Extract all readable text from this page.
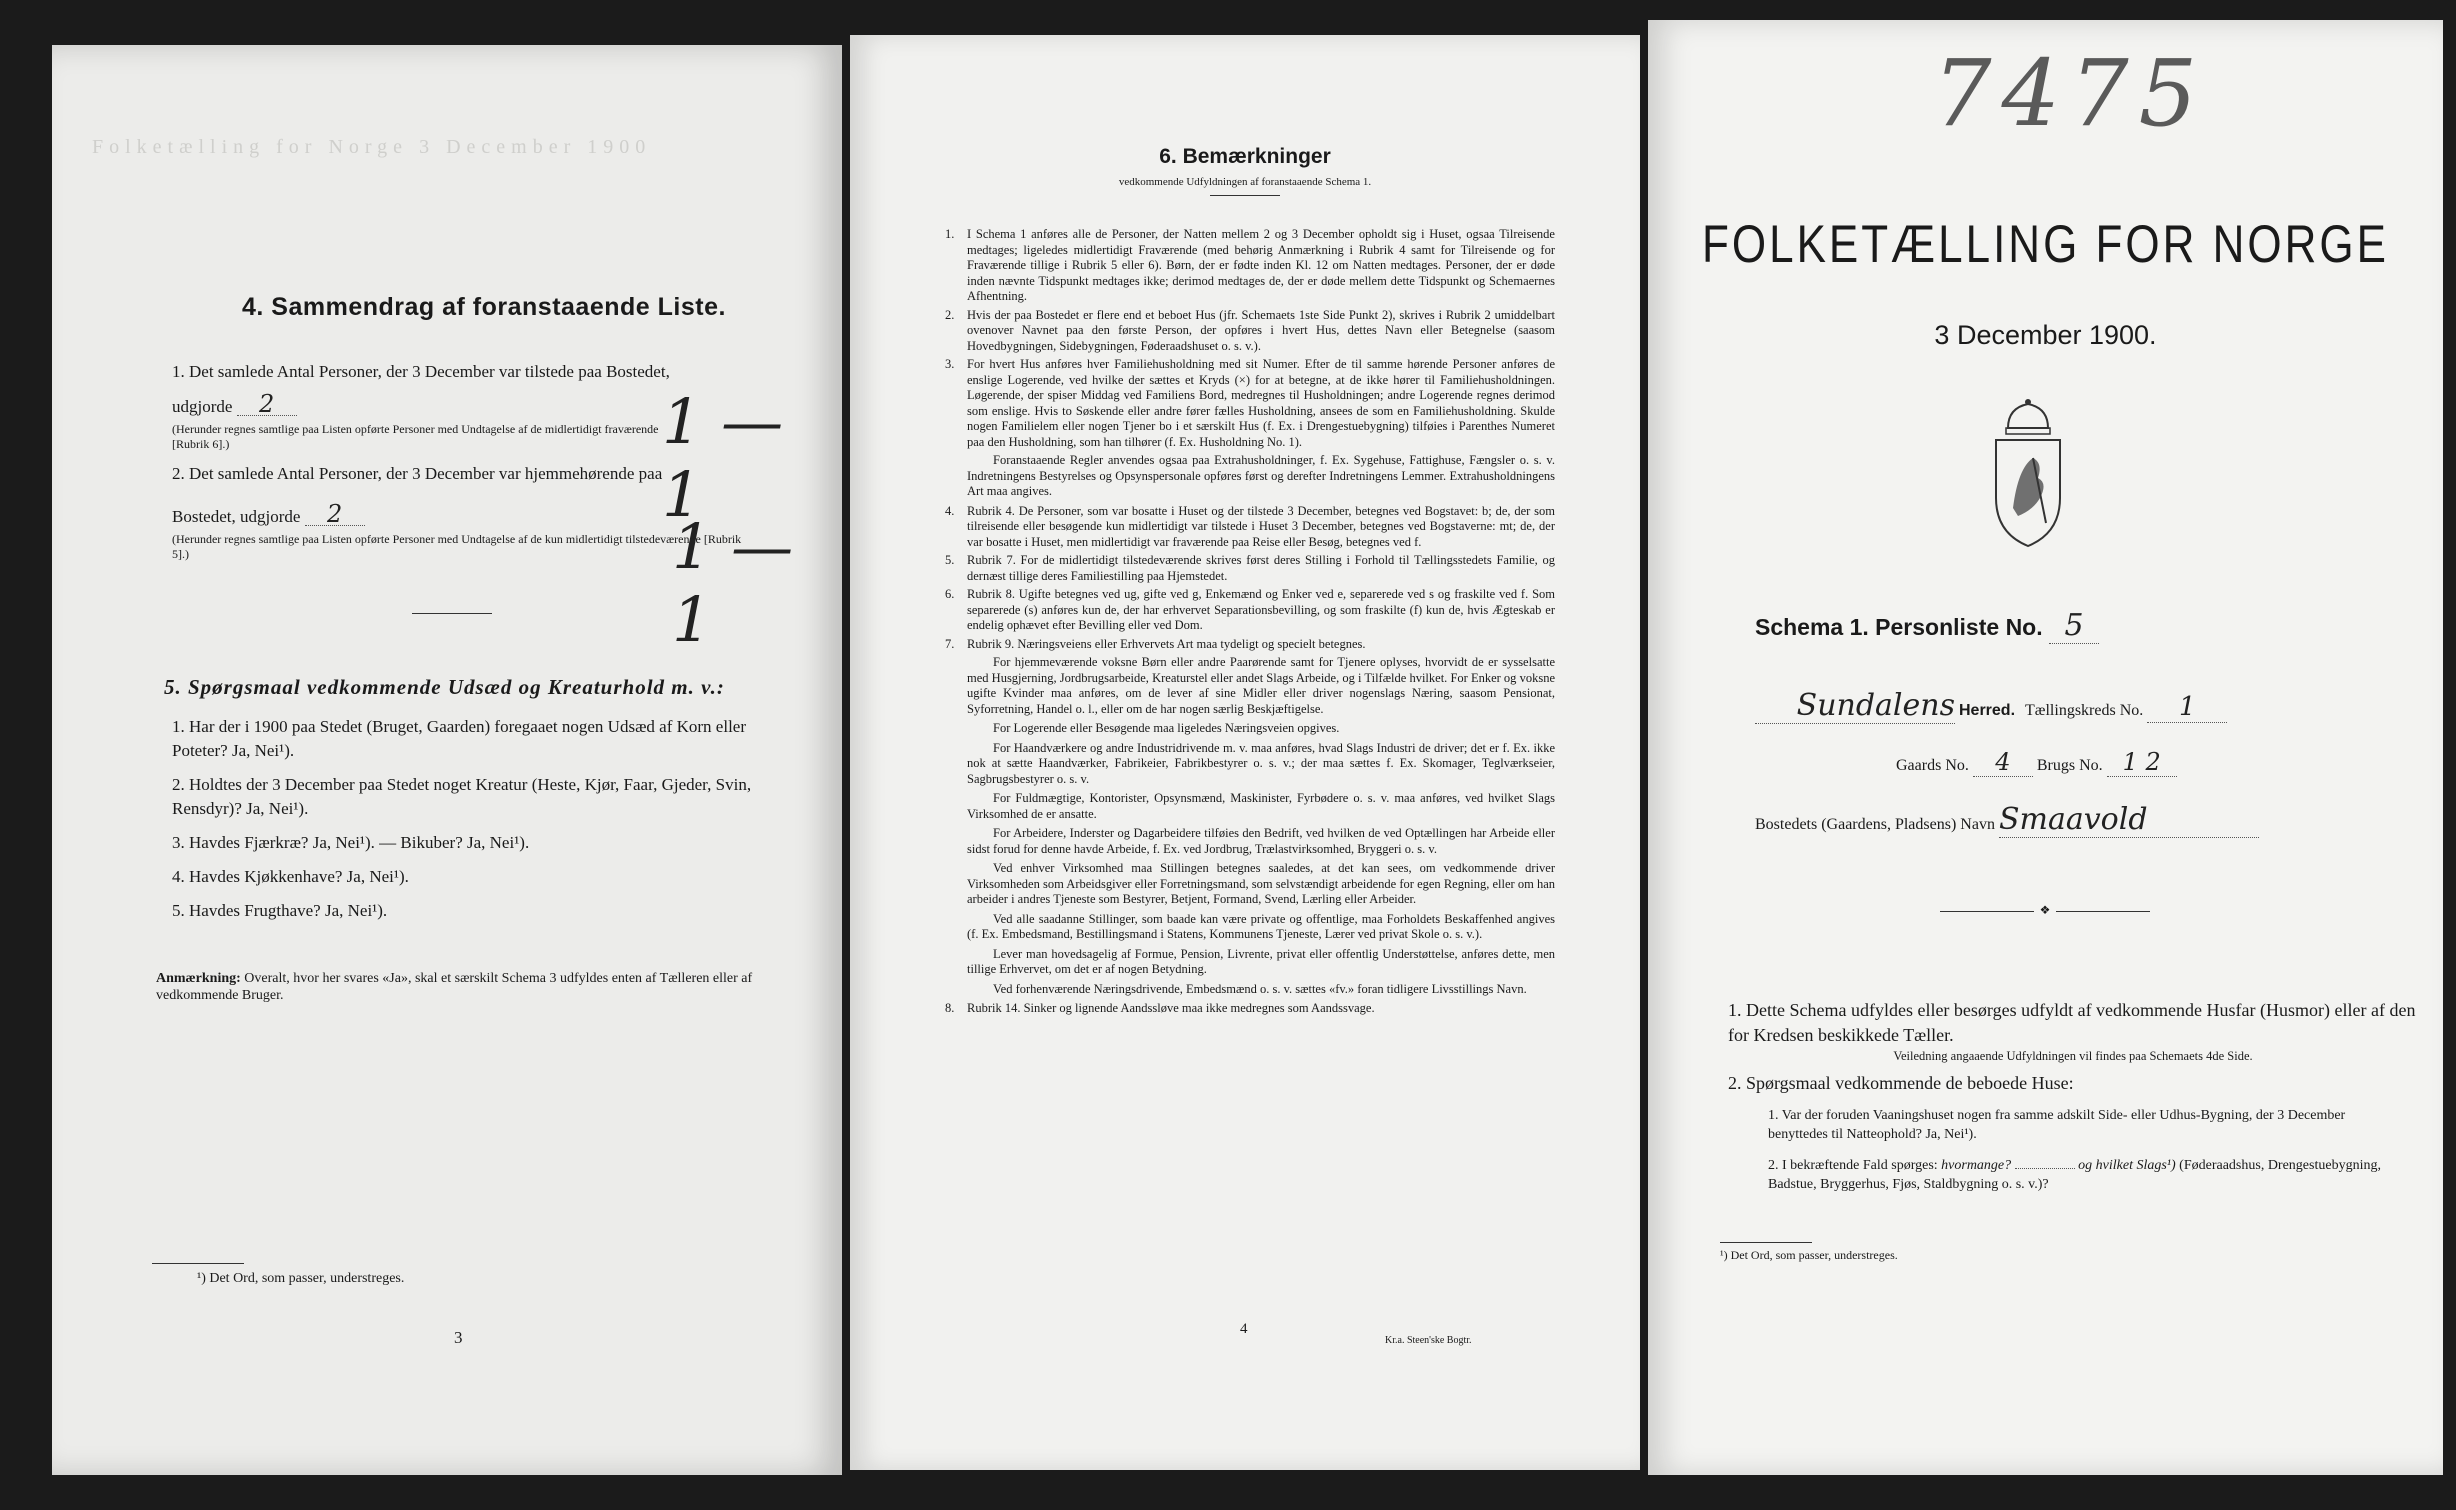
Folketælling for Norge 3 December 1900
4. Sammendrag af foranstaaende Liste.

1. Det samlede Antal Personer, der 3 December var tilstede paa Bostedet,

udgjorde 2

(Herunder regnes samtlige paa Listen opførte Personer med Undtagelse af de midlertidigt fraværende [Rubrik 6].)	1 — 1

2. Det samlede Antal Personer, der 3 December var hjemmehørende paa

Bostedet, udgjorde 2

(Herunder regnes samtlige paa Listen opførte Personer med Undtagelse af de kun midlertidigt tilstedeværende [Rubrik 5].)	1 — 1
5. Spørgsmaal vedkommende Udsæd og Kreaturhold m. v.:

1. Har der i 1900 paa Stedet (Bruget, Gaarden) foregaaet nogen Udsæd af Korn eller Poteter? Ja, Nei¹).

2. Holdtes der 3 December paa Stedet noget Kreatur (Heste, Kjør, Faar, Gjeder, Svin, Rensdyr)? Ja, Nei¹).

3. Havdes Fjærkræ? Ja, Nei¹). — Bikuber? Ja, Nei¹).

4. Havdes Kjøkkenhave? Ja, Nei¹).

5. Havdes Frugthave? Ja, Nei¹).

Anmærkning: Overalt, hvor her svares «Ja», skal et særskilt Schema 3 udfyldes enten af Tælleren eller af vedkommende Bruger.
¹) Det Ord, som passer, understreges.
3
6. Bemærkninger
vedkommende Udfyldningen af foranstaaende Schema 1.
1.	I Schema 1 anføres alle de Personer, der Natten mellem 2 og 3 December opholdt sig i Huset, ogsaa Tilreisende medtages; ligeledes midlertidigt Fraværende (med behørig Anmærkning i Rubrik 4 samt for Tilreisende og for Fraværende tillige i Rubrik 5 eller 6). Børn, der er fødte inden Kl. 12 om Natten medtages. Personer, der er døde inden nævnte Tidspunkt medtages ikke; derimod medtages de, der er døde mellem dette Tidspunkt og Schemaernes Afhentning.
2.	Hvis der paa Bostedet er flere end et beboet Hus (jfr. Schemaets 1ste Side Punkt 2), skrives i Rubrik 2 umiddelbart ovenover Navnet paa den første Person, der opføres i hvert Hus, dettes Navn eller Betegnelse (saasom Hovedbygningen, Sidebygningen, Føderaadshuset o. s. v.).
3.	For hvert Hus anføres hver Familiehusholdning med sit Numer. Efter de til samme hørende Personer anføres de enslige Logerende, ved hvilke der sættes et Kryds (×) for at betegne, at de ikke hører til Familiehusholdningen. Løgerende, der spiser Middag ved Familiens Bord, medregnes til Husholdningen; andre Logerende regnes derimod som enslige. Hvis to Søskende eller andre fører fælles Husholdning, ansees de som en Familiehusholdning. Skulde nogen Familielem eller nogen Tjener bo i et særskilt Hus (f. Ex. i Drengestuebygning) tilføies i Parenthes Numeret paa den Husholdning, som han tilhører (f. Ex. Husholdning No. 1).
Foranstaaende Regler anvendes ogsaa paa Extrahusholdninger, f. Ex. Sygehuse, Fattighuse, Fængsler o. s. v. Indretningens Bestyrelses og Opsynspersonale opføres først og derefter Indretningens Lemmer. Extrahusholdningens Art maa angives.
4.	Rubrik 4. De Personer, som var bosatte i Huset og der tilstede 3 December, betegnes ved Bogstavet: b; de, der som tilreisende eller besøgende kun midlertidigt var tilstede i Huset 3 December, betegnes ved Bogstaverne: mt; de, der var bosatte i Huset, men midlertidigt var fraværende paa Reise eller Besøg, betegnes ved f.
5.	Rubrik 7. For de midlertidigt tilstedeværende skrives først deres Stilling i Forhold til Tællingsstedets Familie, og dernæst tillige deres Familiestilling paa Hjemstedet.
6.	Rubrik 8. Ugifte betegnes ved ug, gifte ved g, Enkemænd og Enker ved e, separerede ved s og fraskilte ved f. Som separerede (s) anføres kun de, der har erhvervet Separationsbevilling, og som fraskilte (f) kun de, hvis Ægteskab er endelig ophævet efter Bevilling eller ved Dom.
7.	Rubrik 9. Næringsveiens eller Erhvervets Art maa tydeligt og specielt betegnes.
For hjemmeværende voksne Børn eller andre Paarørende samt for Tjenere oplyses, hvorvidt de er sysselsatte med Husgjerning, Jordbrugsarbeide, Kreaturstel eller andet Slags Arbeide, og i Tilfælde hvilket. For Enker og voksne ugifte Kvinder maa anføres, om de lever af sine Midler eller driver nogenslags Næring, saasom Pensionat, Syforretning, Handel o. l., eller om de har nogen særlig Beskjæftigelse.
For Logerende eller Besøgende maa ligeledes Næringsveien opgives.
For Haandværkere og andre Industridrivende m. v. maa anføres, hvad Slags Industri de driver; det er f. Ex. ikke nok at sætte Haandværker, Fabrikeier, Fabrikbestyrer o. s. v.; der maa sættes f. Ex. Skomager, Teglværkseier, Sagbrugsbestyrer o. s. v.
For Fuldmægtige, Kontorister, Opsynsmænd, Maskinister, Fyrbødere o. s. v. maa anføres, ved hvilket Slags Virksomhed de er ansatte.
For Arbeidere, Inderster og Dagarbeidere tilføies den Bedrift, ved hvilken de ved Optællingen har Arbeide eller sidst forud for denne havde Arbeide, f. Ex. ved Jordbrug, Trælastvirksomhed, Bryggeri o. s. v.
Ved enhver Virksomhed maa Stillingen betegnes saaledes, at det kan sees, om vedkommende driver Virksomheden som Arbeidsgiver eller Forretningsmand, som selvstændigt arbeidende for egen Regning, eller om han arbeider i andres Tjeneste som Bestyrer, Betjent, Formand, Svend, Lærling eller Arbeider.
Ved alle saadanne Stillinger, som baade kan være private og offentlige, maa Forholdets Beskaffenhed angives (f. Ex. Embedsmand, Bestillingsmand i Statens, Kommunens Tjeneste, Lærer ved privat Skole o. s. v.).
Lever man hovedsagelig af Formue, Pension, Livrente, privat eller offentlig Understøttelse, anføres dette, men tillige Erhvervet, om det er af nogen Betydning.
Ved forhenværende Næringsdrivende, Embedsmænd o. s. v. sættes «fv.» foran tidligere Livsstillings Navn.
8.	Rubrik 14. Sinker og lignende Aandssløve maa ikke medregnes som Aandssvage.
4
Kr.a. Steen'ske Bogtr.
7475
FOLKETÆLLING FOR NORGE
3 December 1900.
Schema 1. Personliste No. 5
Sundalens Herred. Tællingskreds No. 1
Gaards No. 4 Brugs No. 1 2
Bostedets (Gaardens, Pladsens) Navn Smaavold
❖

1. Dette Schema udfyldes eller besørges udfyldt af vedkommende Husfar (Husmor) eller af den for Kredsen beskikkede Tæller.

Veiledning angaaende Udfyldningen vil findes paa Schemaets 4de Side.

2. Spørgsmaal vedkommende de beboede Huse:

1. Var der foruden Vaaningshuset nogen fra samme adskilt Side- eller Udhus-Bygning, der 3 December benyttedes til Natteophold? Ja, Nei¹).

2. I bekræftende Fald spørges: hvormange?	og hvilket Slags¹) (Føderaadshus, Drengestuebygning, Badstue, Bryggerhus, Fjøs, Staldbygning o. s. v.)?

¹) Det Ord, som passer, understreges.
